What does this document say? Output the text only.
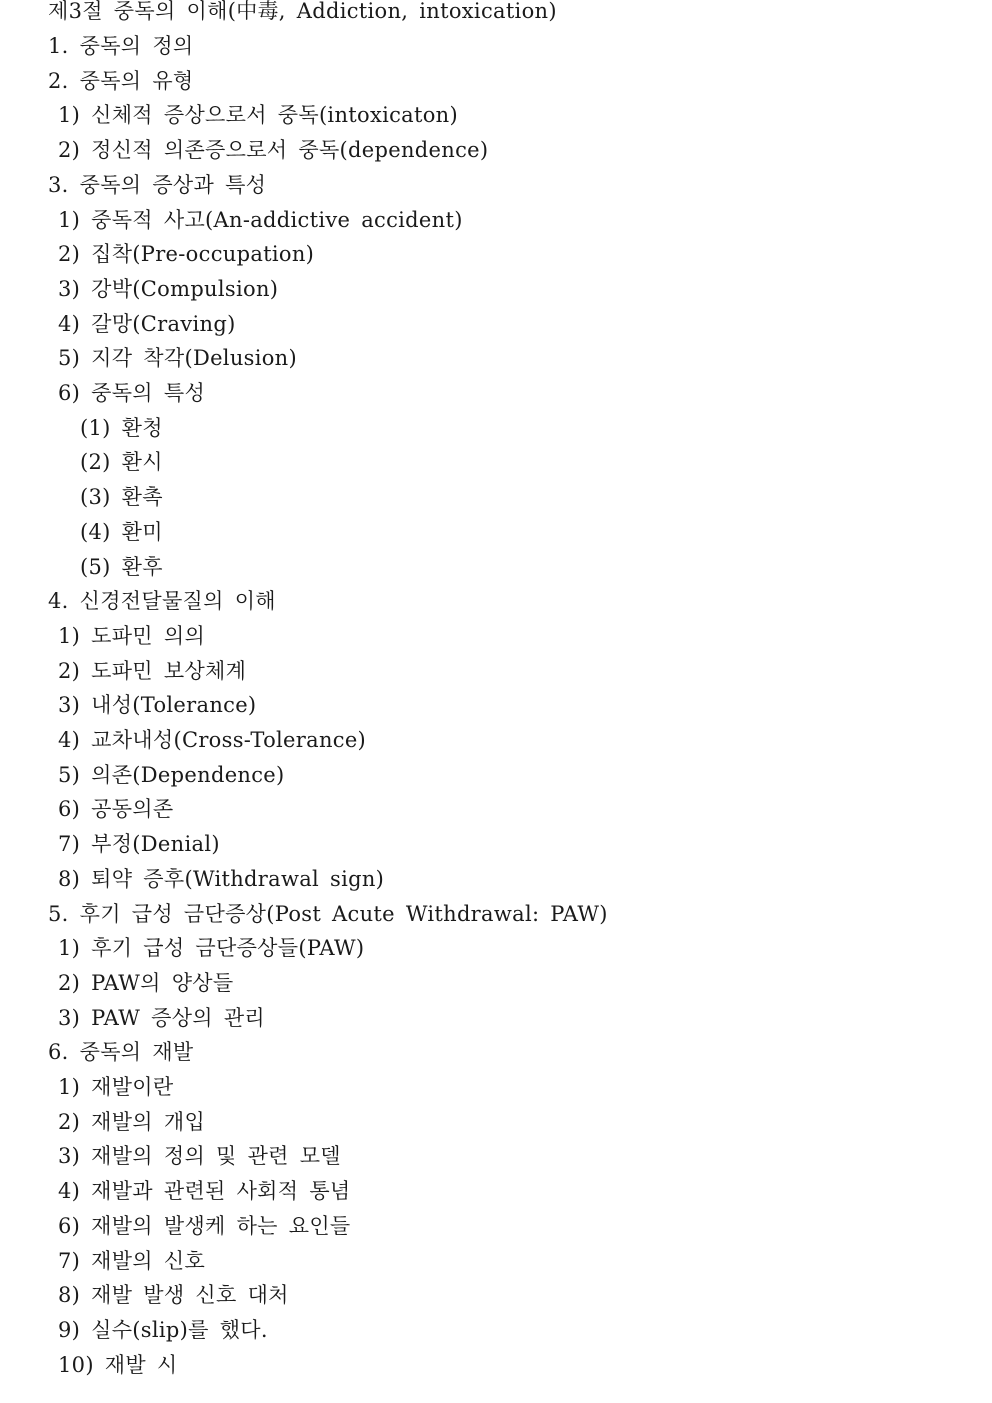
제3절 중독의 이해(中毒, Addiction, intoxication)
1. 중독의 정의
2. 중독의 유형
1) 신체적 증상으로서 중독(intoxicaton)
2) 정신적 의존증으로서 중독(dependence)
3. 중독의 증상과 특성
1) 중독적 사고(An-addictive accident)
2) 집착(Pre-occupation)
3) 강박(Compulsion)
4) 갈망(Craving)
5) 지각 착각(Delusion)
6) 중독의 특성
(1) 환청
(2) 환시
(3) 환촉
(4) 환미
(5) 환후
4. 신경전달물질의 이해
1) 도파민 의의
2) 도파민 보상체계
3) 내성(Tolerance)
4) 교차내성(Cross-Tolerance)
5) 의존(Dependence)
6) 공동의존
7) 부정(Denial)
8) 퇴약 증후(Withdrawal sign)
5. 후기 급성 금단증상(Post Acute Withdrawal: PAW)
1) 후기 급성 금단증상들(PAW)
2) PAW의 양상들
3) PAW 증상의 관리
6. 중독의 재발
1) 재발이란
2) 재발의 개입
3) 재발의 정의 및 관련 모델
4) 재발과 관련된 사회적 통념
6) 재발의 발생케 하는 요인들
7) 재발의 신호
8) 재발 발생 신호 대처
9) 실수(slip)를 했다.
10) 재발 시
